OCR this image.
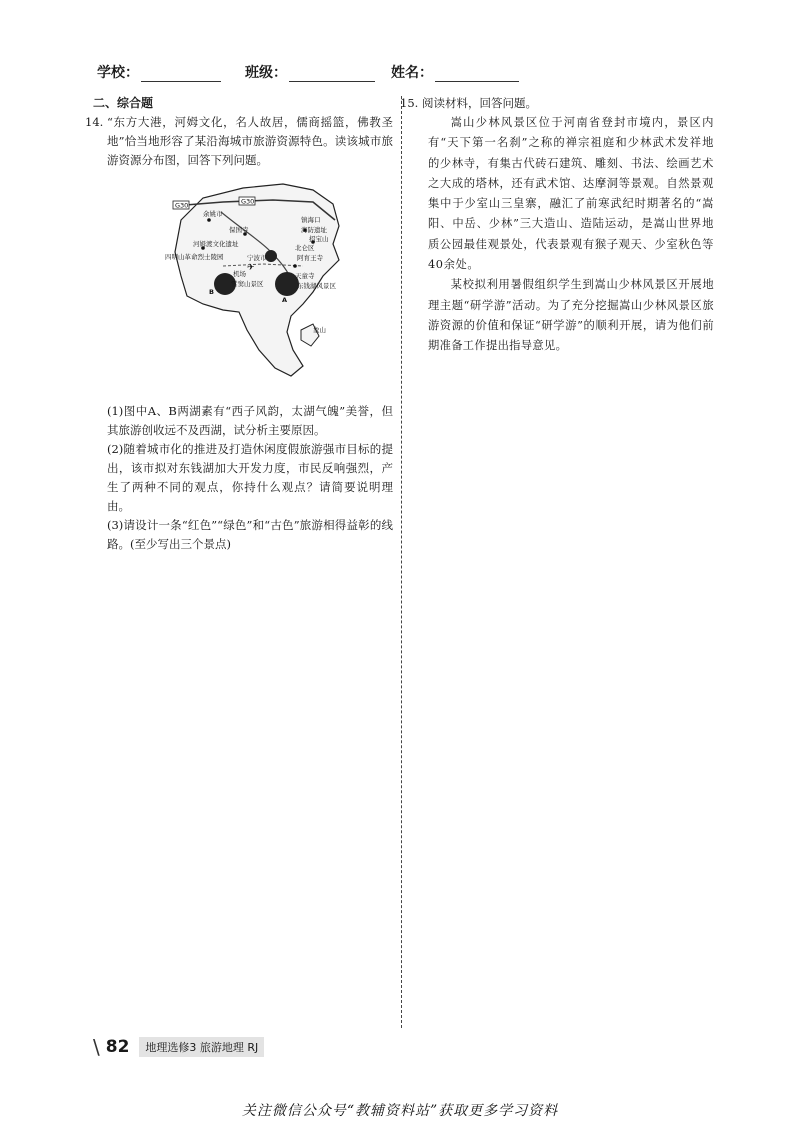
学校：	班级：	姓名：
二、综合题
14. “东方大港，河姆文化，名人故居，儒商摇篮，佛教圣地”恰当地形容了某沿海城市旅游资源特色。读该城市旅游资源分布图，回答下列问题。

G30	G30
✈
余姚市
保国寺
镇海口
海防遗址
招宝山
河姆渡文化遗址	北仑区
阿育王寺
四明山革命烈士陵园	宁波市
机场	天童寺
雪窦山景区	东钱湖风景区
A
B
象山

(1)图中A、B两湖素有“西子风韵，太湖气魄”美誉，但其旅游创收远不及西湖，试分析主要原因。

(2)随着城市化的推进及打造休闲度假旅游强市目标的提出，该市拟对东钱湖加大开发力度，市民反响强烈，产生了两种不同的观点，你持什么观点？请简要说明理由。

(3)请设计一条“红色”“绿色”和“古色”旅游相得益彰的线路。(至少写出三个景点)

15. 阅读材料，回答问题。

嵩山少林风景区位于河南省登封市境内，景区内有“天下第一名刹”之称的禅宗祖庭和少林武术发祥地的少林寺，有集古代砖石建筑、雕刻、书法、绘画艺术之大成的塔林，还有武术馆、达摩洞等景观。自然景观集中于少室山三皇寨，融汇了前寒武纪时期著名的“嵩阳、中岳、少林”三大造山、造陆运动，是嵩山世界地质公园最佳观景处，代表景观有猴子观天、少室秋色等40余处。

某校拟利用暑假组织学生到嵩山少林风景区开展地理主题“研学游”活动。为了充分挖掘嵩山少林风景区旅游资源的价值和保证“研学游”的顺利开展，请为他们前期准备工作提出指导意见。

\ 82	地理选修3 旅游地理 RJ
关注微信公众号“教辅资料站”获取更多学习资料
